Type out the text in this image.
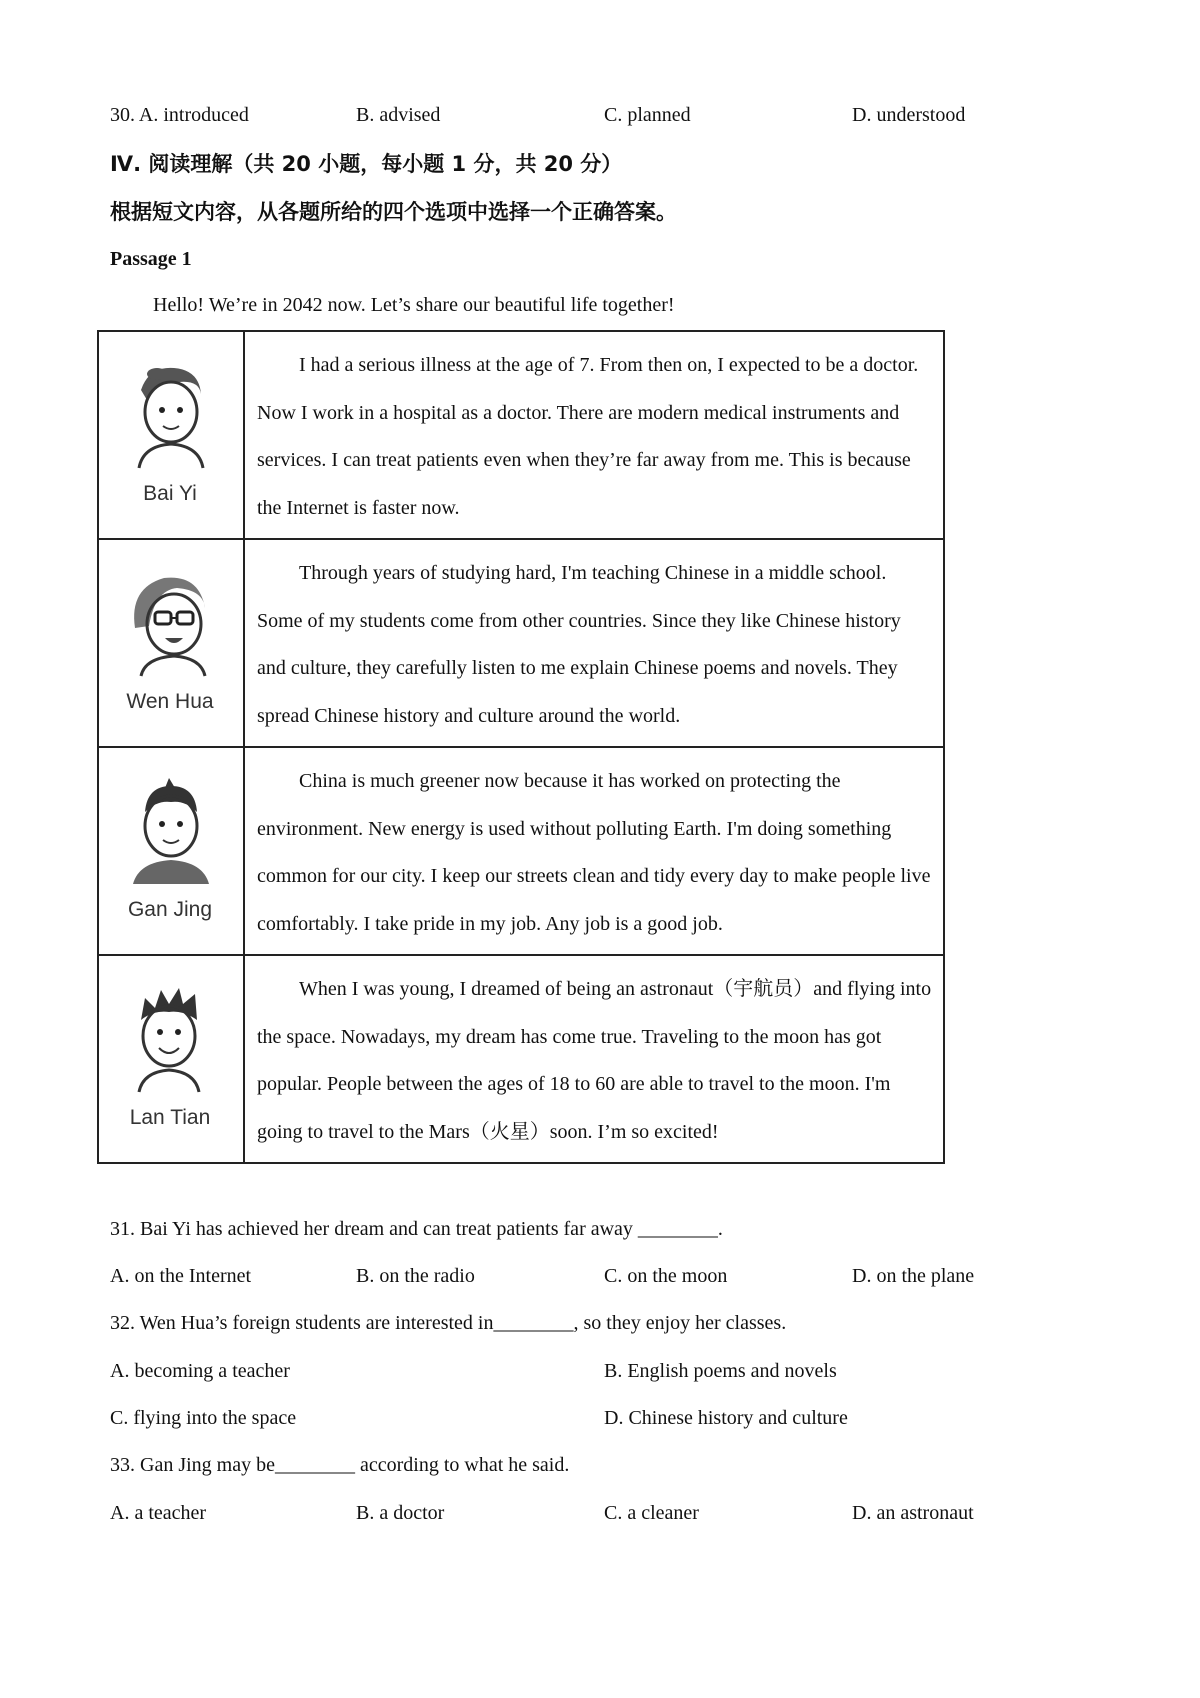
30. A. introduced	B. advised	C. planned	D. understood
Ⅳ. 阅读理解（共 20 小题，每小题 1 分，共 20 分）
根据短文内容，从各题所给的四个选项中选择一个正确答案。
Passage 1
Hello! We’re in 2042 now. Let’s share our beautiful life together!
Bai Yi	I had a serious illness at the age of 7. From then on, I expected to be a doctor. Now I work in a hospital as a doctor. There are modern medical instruments and services. I can treat patients even when they’re far away from me. This is because the Internet is faster now.

Wen Hua	Through years of studying hard, I'm teaching Chinese in a middle school. Some of my students come from other countries. Since they like Chinese history and culture, they carefully listen to me explain Chinese poems and novels. They spread Chinese history and culture around the world.

Gan Jing	China is much greener now because it has worked on protecting the environment. New energy is used without polluting Earth. I'm doing something common for our city. I keep our streets clean and tidy every day to make people live comfortably. I take pride in my job. Any job is a good job.

Lan Tian	When I was young, I dreamed of being an astronaut（宇航员）and flying into the space. Nowadays, my dream has come true. Traveling to the moon has got popular. People between the ages of 18 to 60 are able to travel to the moon. I'm going to travel to the Mars（火星）soon. I’m so excited!

31. Bai Yi has achieved her dream and can treat patients far away ________.
A. on the Internet	B. on the radio	C. on the moon	D. on the plane
32. Wen Hua’s foreign students are interested in________, so they enjoy her classes.
A. becoming a teacher	B. English poems and novels
C. flying into the space	D. Chinese history and culture
33. Gan Jing may be________ according to what he said.
A. a teacher	B. a doctor	C. a cleaner	D. an astronaut
